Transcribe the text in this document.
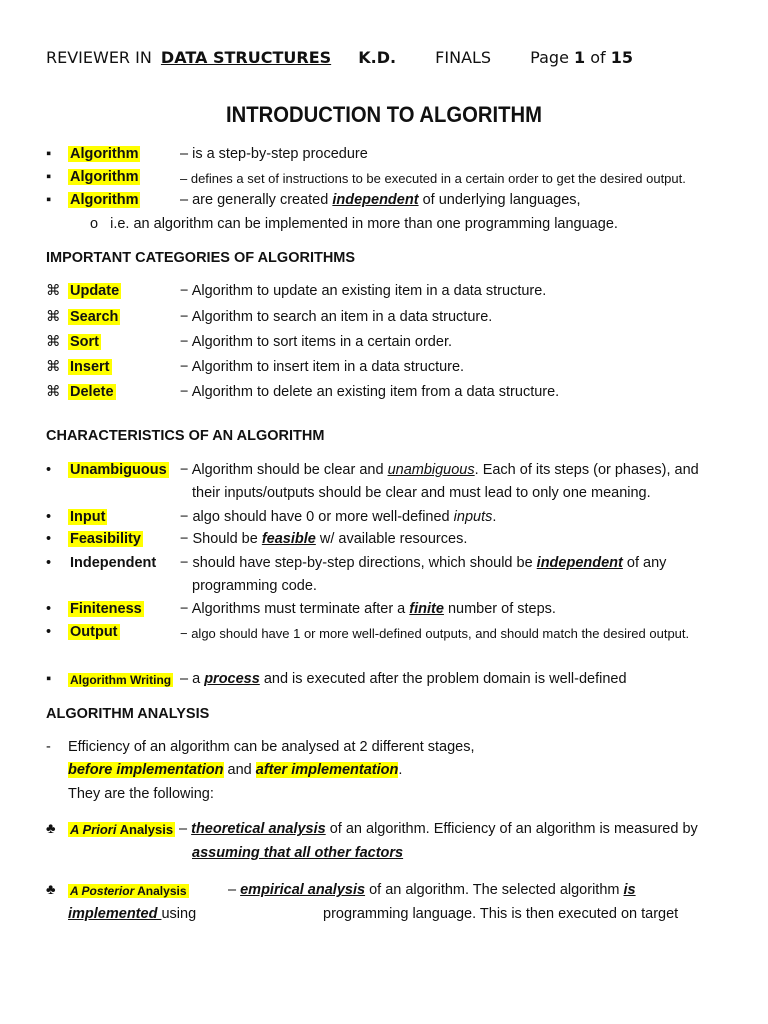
REVIEWER IN DATA STRUCTURES K.D. FINALS Page 1 of 15
INTRODUCTION TO ALGORITHM
▪ Algorithm	– is a step-by-step procedure
▪ Algorithm	– defines a set of instructions to be executed in a certain order to get the desired output.
▪ Algorithm	– are generally created independent of underlying languages,
o i.e. an algorithm can be implemented in more than one programming language.
IMPORTANT CATEGORIES OF ALGORITHMS
⌘ Update	− Algorithm to update an existing item in a data structure.
⌘ Search	− Algorithm to search an item in a data structure.
⌘ Sort	− Algorithm to sort items in a certain order.
⌘ Insert	− Algorithm to insert item in a data structure.
⌘ Delete	− Algorithm to delete an existing item from a data structure.
CHARACTERISTICS OF AN ALGORITHM
• Unambiguous − Algorithm should be clear and unambiguous. Each of its steps (or phases), and
their inputs/outputs should be clear and must lead to only one meaning.
• Input	− algo should have 0 or more well-defined inputs.
• Feasibility	− Should be feasible w/ available resources.
• Independent − should have step-by-step directions, which should be independent of any
programming code.
• Finiteness	− Algorithms must terminate after a finite number of steps.
• Output	− algo should have 1 or more well-defined outputs, and should match the desired output.
▪ Algorithm Writing – a process and is executed after the problem domain is well-defined
ALGORITHM ANALYSIS
- Efficiency of an algorithm can be analysed at 2 different stages,
before implementation and after implementation.
They are the following:
♣ A Priori Analysis – theoretical analysis of an algorithm. Efficiency of an algorithm is measured by
assuming that all other factors
♣ A Posterior Analysis	– empirical analysis of an algorithm. The selected algorithm is
implemented using	programming language. This is then executed on target
